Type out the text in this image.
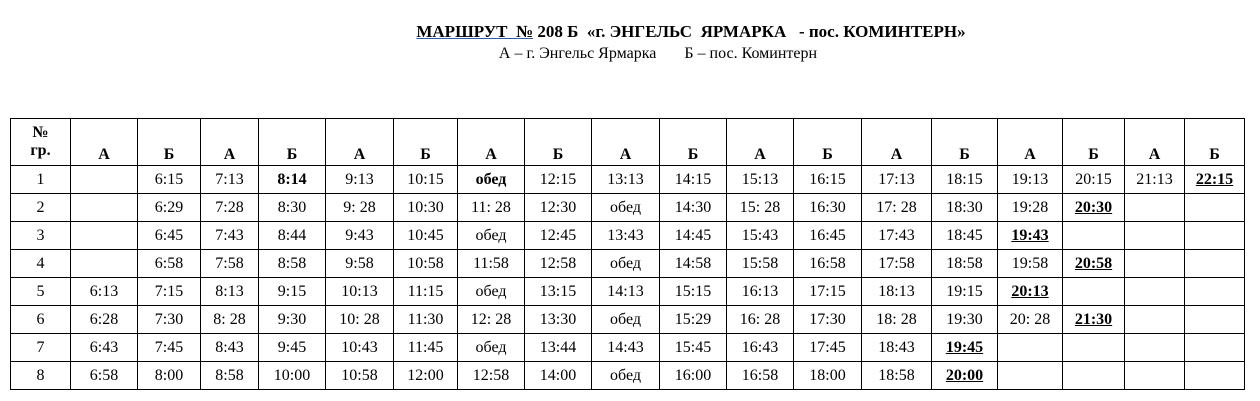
МАРШРУТ  № 208 Б  «г. ЭНГЕЛЬС  ЯРМАРКА   - пос. КОМИНТЕРН»
А – г. Энгельс Ярмарка       Б – пос. Коминтерн
№
гр.	А	Б	А	Б	А	Б	А	Б	А	Б	А	Б	А	Б	А	Б	А	Б
1		6:15	7:13	8:14	9:13	10:15	обед	12:15	13:13	14:15	15:13	16:15	17:13	18:15	19:13	20:15	21:13	22:15
2		6:29	7:28	8:30	9: 28	10:30	11: 28	12:30	обед	14:30	15: 28	16:30	17: 28	18:30	19:28	20:30		
3		6:45	7:43	8:44	9:43	10:45	обед	12:45	13:43	14:45	15:43	16:45	17:43	18:45	19:43			
4		6:58	7:58	8:58	9:58	10:58	11:58	12:58	обед	14:58	15:58	16:58	17:58	18:58	19:58	20:58		
5	6:13	7:15	8:13	9:15	10:13	11:15	обед	13:15	14:13	15:15	16:13	17:15	18:13	19:15	20:13			
6	6:28	7:30	8: 28	9:30	10: 28	11:30	12: 28	13:30	обед	15:29	16: 28	17:30	18: 28	19:30	20: 28	21:30		
7	6:43	7:45	8:43	9:45	10:43	11:45	обед	13:44	14:43	15:45	16:43	17:45	18:43	19:45				
8	6:58	8:00	8:58	10:00	10:58	12:00	12:58	14:00	обед	16:00	16:58	18:00	18:58	20:00				
